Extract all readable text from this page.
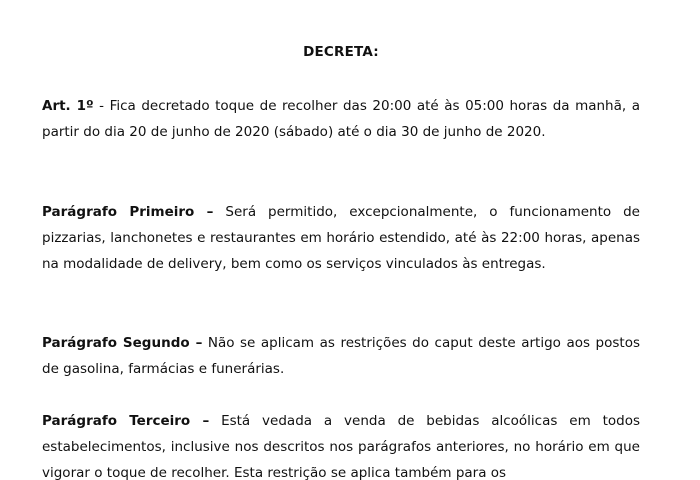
DECRETA:

Art. 1º - Fica decretado toque de recolher das 20:00 até às 05:00 horas da manhã, a partir do dia 20 de junho de 2020 (sábado) até o dia 30 de junho de 2020.

Parágrafo Primeiro – Será permitido, excepcionalmente, o funcionamento de pizzarias, lanchonetes e restaurantes em horário estendido, até às 22:00 horas, apenas na modalidade de delivery, bem como os serviços vinculados às entregas.

Parágrafo Segundo – Não se aplicam as restrições do caput deste artigo aos postos de gasolina, farmácias e funerárias.

Parágrafo Terceiro – Está vedada a venda de bebidas alcoólicas em todos estabelecimentos, inclusive nos descritos nos parágrafos anteriores, no horário em que vigorar o toque de recolher. Esta restrição se aplica também para os
